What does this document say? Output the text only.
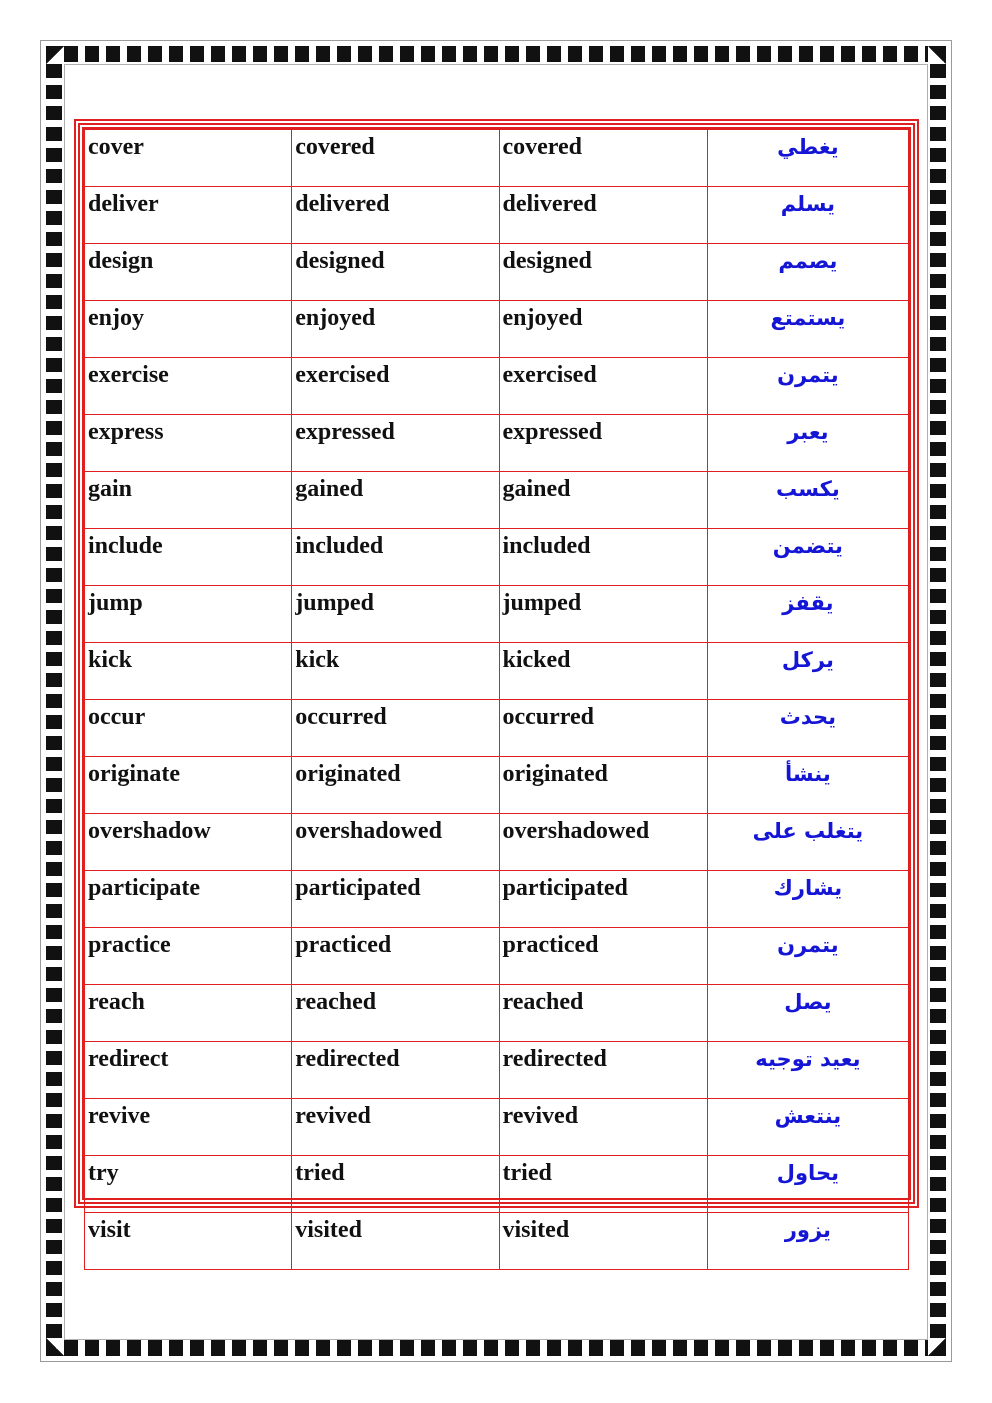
cover	covered	covered	يغطي
deliver	delivered	delivered	يسلم
design	designed	designed	يصمم
enjoy	enjoyed	enjoyed	يستمتع
exercise	exercised	exercised	يتمرن
express	expressed	expressed	يعبر
gain	gained	gained	يكسب
include	included	included	يتضمن
jump	jumped	jumped	يقفز
kick	kick	kicked	يركل
occur	occurred	occurred	يحدث
originate	originated	originated	ينشأ
overshadow	overshadowed	overshadowed	يتغلب على
participate	participated	participated	يشارك
practice	practiced	practiced	يتمرن
reach	reached	reached	يصل
redirect	redirected	redirected	يعيد توجيه
revive	revived	revived	ينتعش
try	tried	tried	يحاول
visit	visited	visited	يزور
